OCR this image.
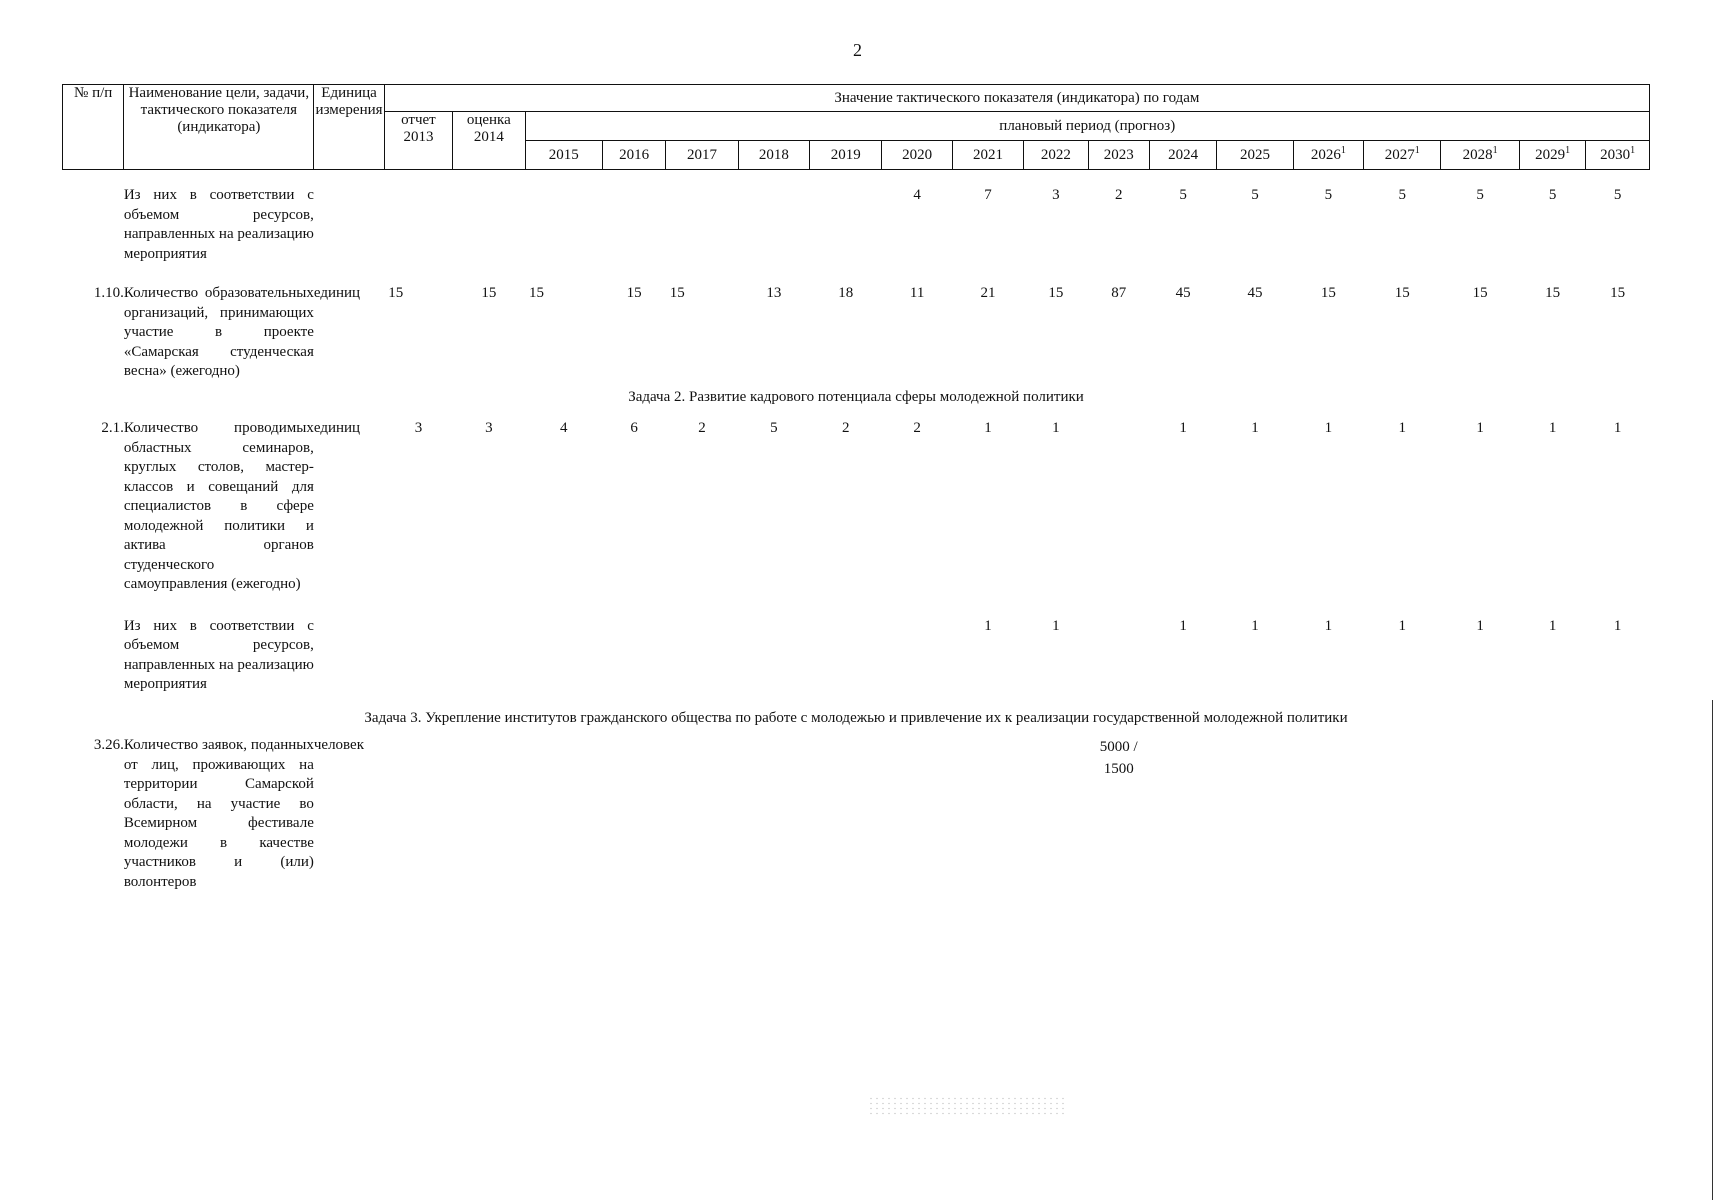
2
№ п/п	Наименование цели, задачи, тактического показателя (индикатора)	Единица измерения	Значение тактического показателя (индикатора) по годам																	
			отчет 2013	оценка 2014	плановый период (прогноз)															
					2015	2016	2017	2018	2019	2020	2021	2022	2023	2024	2025	2026$^1$	2027$^1$	2028$^1$	2029$^1$	2030$^1$

	Из них в соответствии с объемом ресурсов, направленных на реализацию мероприятия									4	7	3	2	5	5	5	5	5	5	5

1.10.	Количество образовательных организаций, принимающих участие в проекте «Самарская студенческая весна» (ежегодно)	единиц	15	15	15	15	15	13	18	11	21	15	87	45	45	15	15	15	15	15
Задача 2. Развитие кадрового потенциала сферы молодежной политики																				

2.1.	Количество проводимых областных семинаров, круглых столов, мастер-классов и совещаний для специалистов в сфере молодежной политики и актива органов студенческого самоуправления (ежегодно)	единиц	3	3	4	6	2	5	2	2	1	1		1	1	1	1	1	1	1

	Из них в соответствии с объемом ресурсов, направленных на реализацию мероприятия										1	1		1	1	1	1	1	1	1
Задача 3. Укрепление институтов гражданского общества по работе с молодежью и привлечение их к реализации государственной молодежной политики																				
3.26.	Количество заявок, поданных от лиц, проживающих на территории Самарской области, на участие во Всемирном фестивале молодежи в качестве участников и (или) волонтеров	человек											5000 /
1500							
